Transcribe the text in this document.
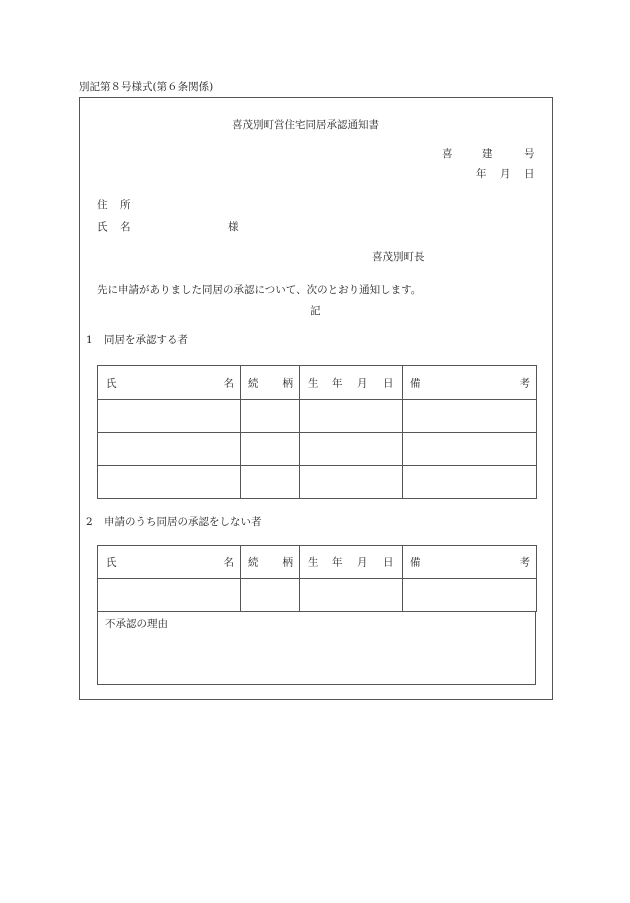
別記第８号様式(第６条関係)
喜茂別町営住宅同居承認通知書
喜	建	号
年 月 日
住 所
氏 名	様
喜茂別町長
先に申請がありました同居の承認について、次のとおり通知します。
記
1 同居を承認する者
氏 名	続 柄	生 年 月 日	備 考

2 申請のうち同居の承認をしない者
氏 名	続 柄	生 年 月 日	備 考

不承認の理由
